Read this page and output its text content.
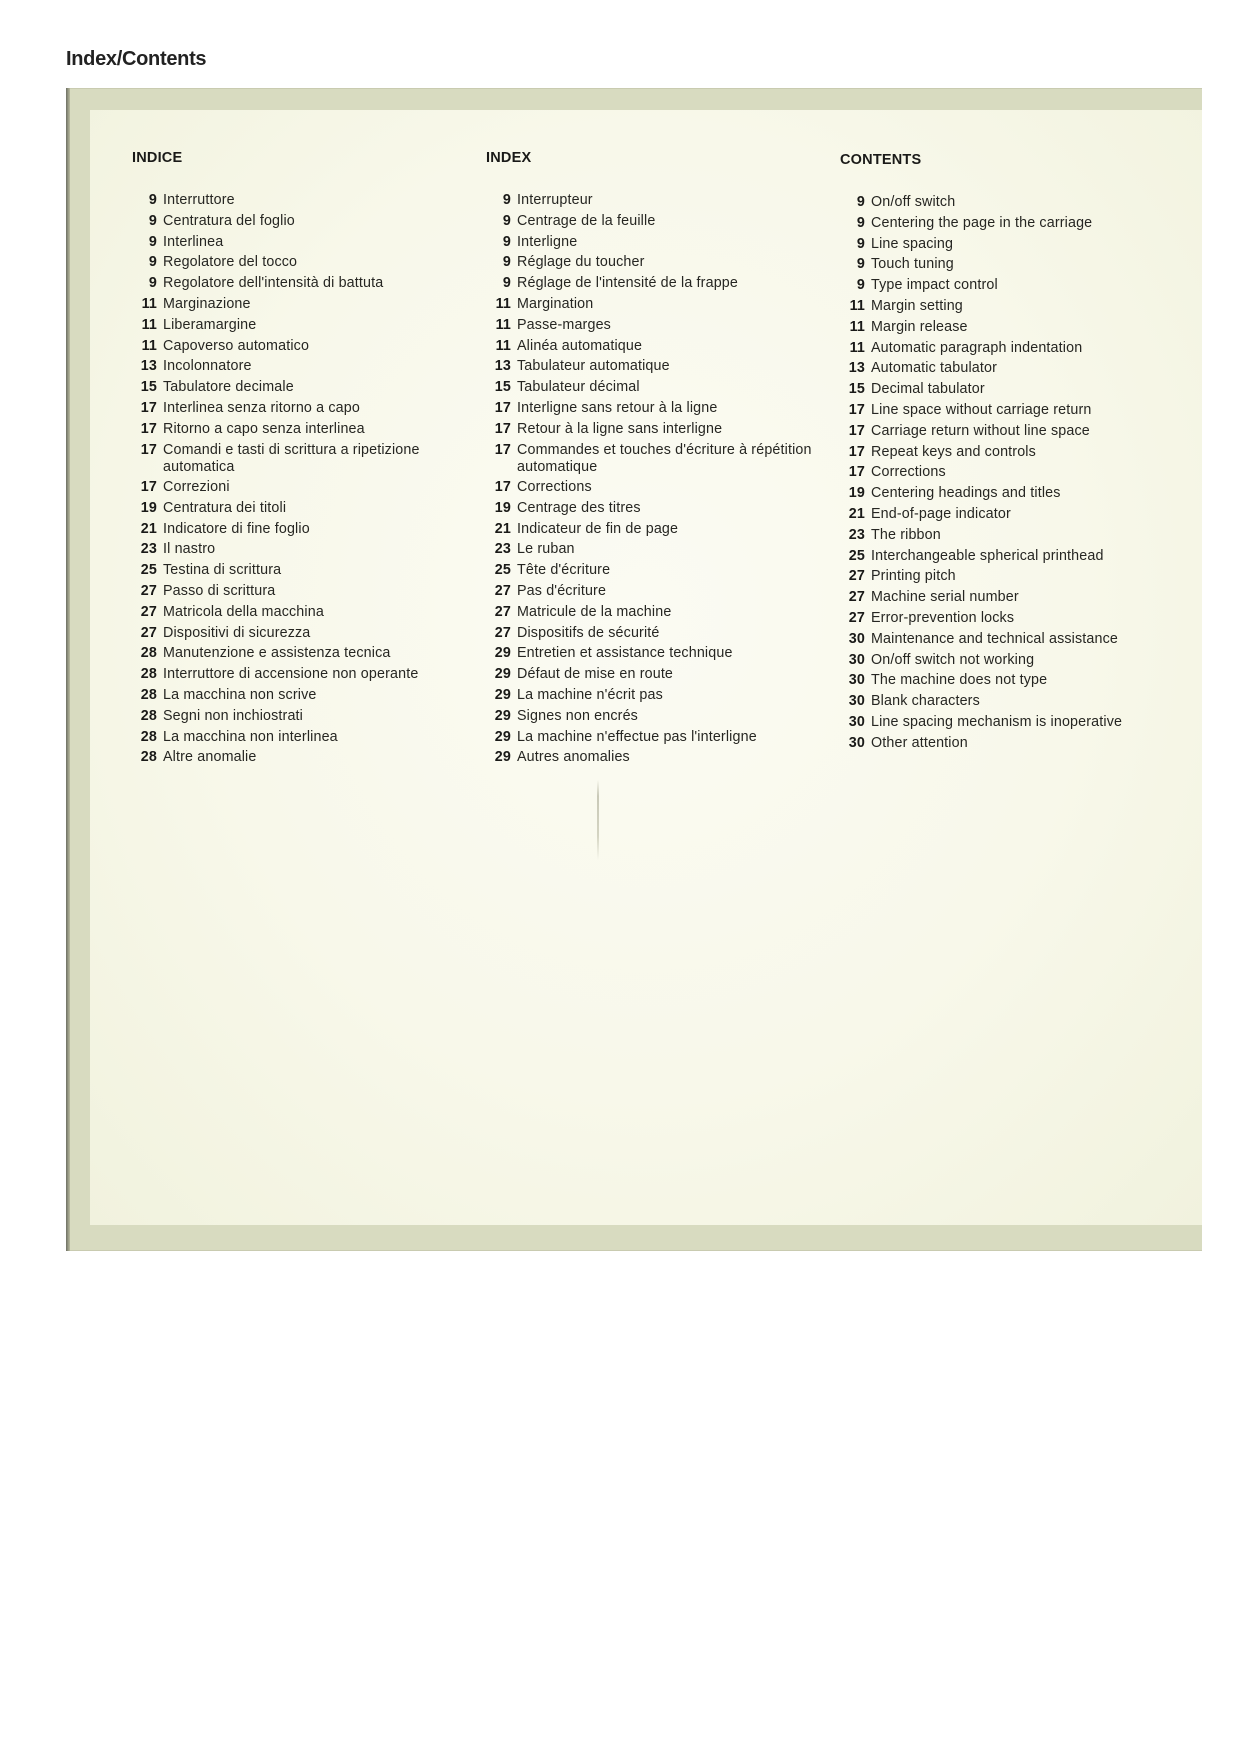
Index/Contents
INDICE
9 Interruttore
9 Centratura del foglio
9 Interlinea
9 Regolatore del tocco
9 Regolatore dell'intensità di battuta
11 Marginazione
11 Liberamargine
11 Capoverso automatico
13 Incolonnatore
15 Tabulatore decimale
17 Interlinea senza ritorno a capo
17 Ritorno a capo senza interlinea
17 Comandi e tasti di scrittura a ripetizione automatica
17 Correzioni
19 Centratura dei titoli
21 Indicatore di fine foglio
23 Il nastro
25 Testina di scrittura
27 Passo di scrittura
27 Matricola della macchina
27 Dispositivi di sicurezza
28 Manutenzione e assistenza tecnica
28 Interruttore di accensione non operante
28 La macchina non scrive
28 Segni non inchiostrati
28 La macchina non interlinea
28 Altre anomalie
INDEX
9 Interrupteur
9 Centrage de la feuille
9 Interligne
9 Réglage du toucher
9 Réglage de l'intensité de la frappe
11 Margination
11 Passe-marges
11 Alinéa automatique
13 Tabulateur automatique
15 Tabulateur décimal
17 Interligne sans retour à la ligne
17 Retour à la ligne sans interligne
17 Commandes et touches d'écriture à répétition automatique
17 Corrections
19 Centrage des titres
21 Indicateur de fin de page
23 Le ruban
25 Tête d'écriture
27 Pas d'écriture
27 Matricule de la machine
27 Dispositifs de sécurité
29 Entretien et assistance technique
29 Défaut de mise en route
29 La machine n'écrit pas
29 Signes non encrés
29 La machine n'effectue pas l'interligne
29 Autres anomalies
CONTENTS
9 On/off switch
9 Centering the page in the carriage
9 Line spacing
9 Touch tuning
9 Type impact control
11 Margin setting
11 Margin release
11 Automatic paragraph indentation
13 Automatic tabulator
15 Decimal tabulator
17 Line space without carriage return
17 Carriage return without line space
17 Repeat keys and controls
17 Corrections
19 Centering headings and titles
21 End-of-page indicator
23 The ribbon
25 Interchangeable spherical printhead
27 Printing pitch
27 Machine serial number
27 Error-prevention locks
30 Maintenance and technical assistance
30 On/off switch not working
30 The machine does not type
30 Blank characters
30 Line spacing mechanism is inoperative
30 Other attention
